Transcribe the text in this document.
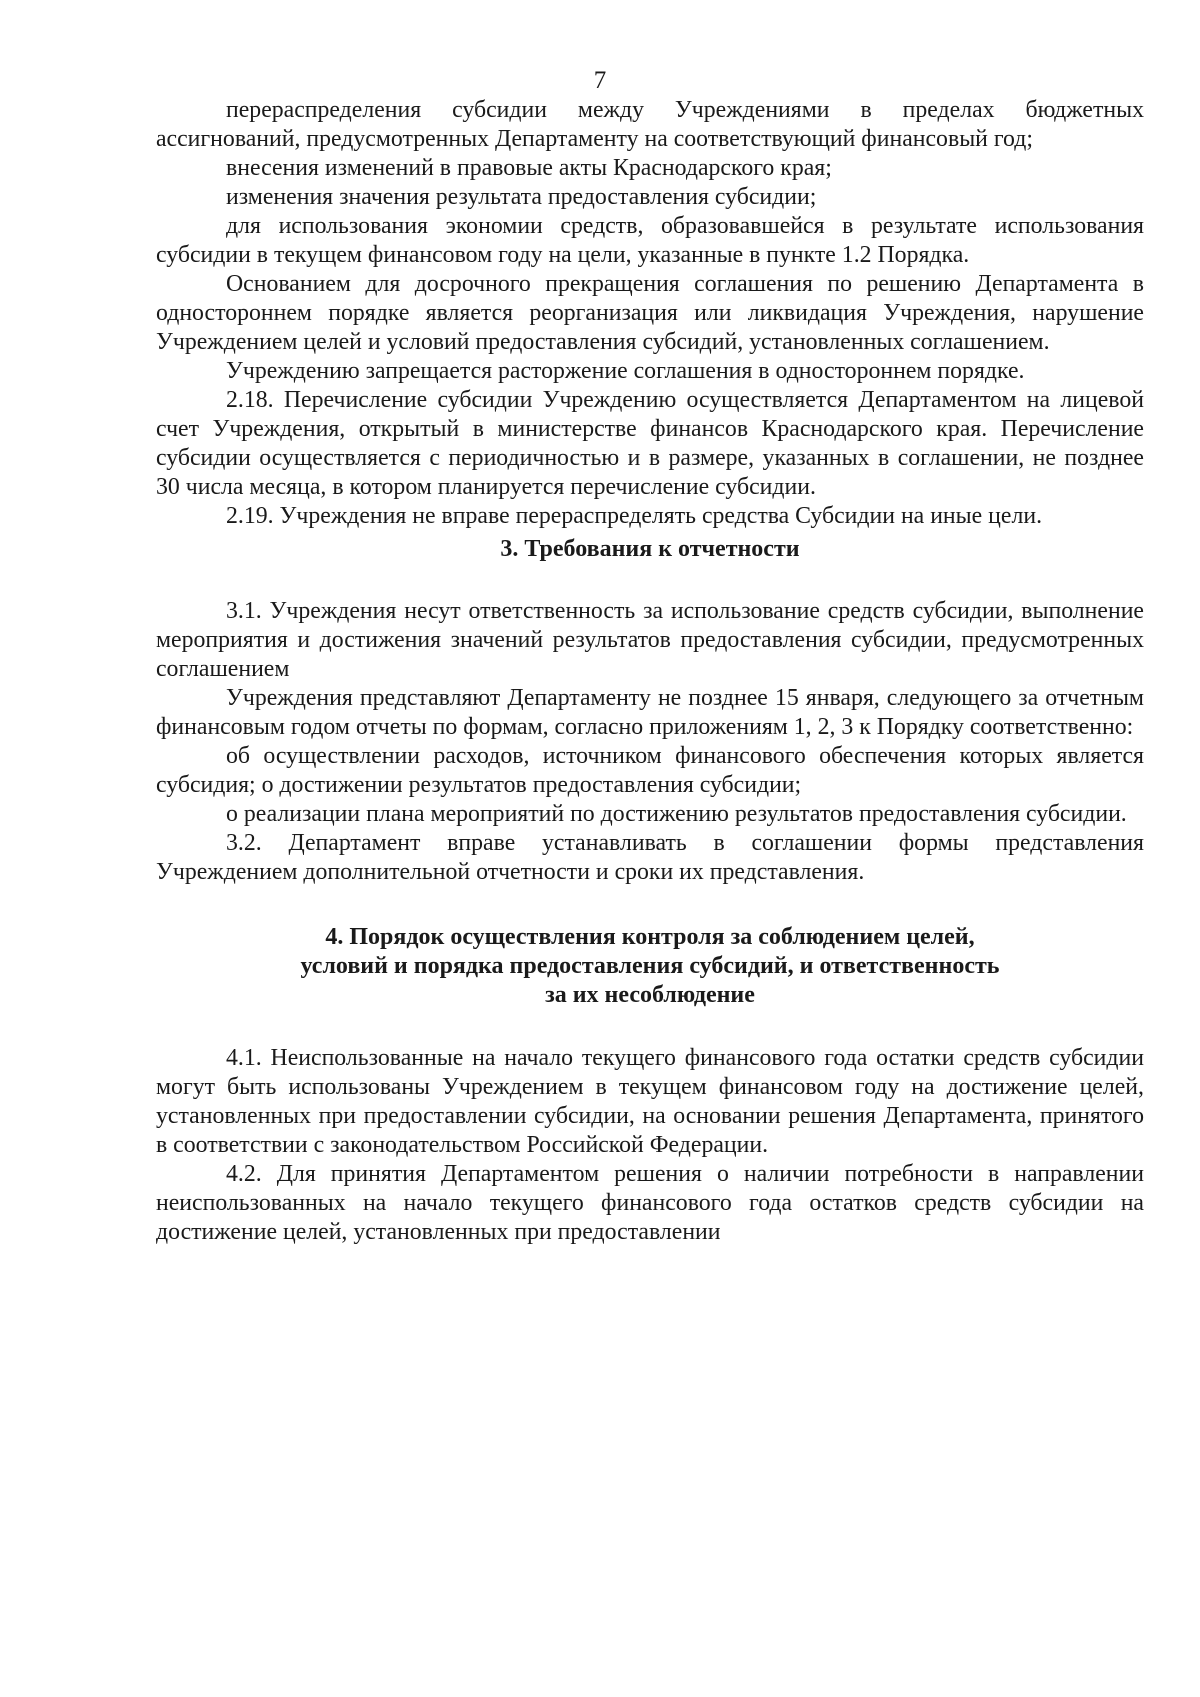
7

перераспределения субсидии между Учреждениями в пределах бюджетных ассигнований, предусмотренных Департаменту на соответствующий финансовый год;

внесения изменений в правовые акты Краснодарского края;

изменения значения результата предоставления субсидии;

для использования экономии средств, образовавшейся в результате использования субсидии в текущем финансовом году на цели, указанные в пункте 1.2 Порядка.

Основанием для досрочного прекращения соглашения по решению Департамента в одностороннем порядке является реорганизация или ликвидация Учреждения, нарушение Учреждением целей и условий предоставления субсидий, установленных соглашением.

Учреждению запрещается расторжение соглашения в одностороннем порядке.

2.18. Перечисление субсидии Учреждению осуществляется Департаментом на лицевой счет Учреждения, открытый в министерстве финансов Краснодарского края. Перечисление субсидии осуществляется с периодичностью и в размере, указанных в соглашении, не позднее 30 числа месяца, в котором планируется перечисление субсидии.

2.19. Учреждения не вправе перераспределять средства Субсидии на иные цели.

3. Требования к отчетности

3.1. Учреждения несут ответственность за использование средств субсидии, выполнение мероприятия и достижения значений результатов предоставления субсидии, предусмотренных соглашением

Учреждения представляют Департаменту не позднее 15 января, следующего за отчетным финансовым годом отчеты по формам, согласно приложениям 1, 2, 3 к Порядку соответственно:

об осуществлении расходов, источником финансового обеспечения которых является субсидия; о достижении результатов предоставления субсидии;

о реализации плана мероприятий по достижению результатов предоставления субсидии.

3.2. Департамент вправе устанавливать в соглашении формы представления Учреждением дополнительной отчетности и сроки их представления.

4. Порядок осуществления контроля за соблюдением целей,
условий и порядка предоставления субсидий, и ответственность
за их несоблюдение

4.1. Неиспользованные на начало текущего финансового года остатки средств субсидии могут быть использованы Учреждением в текущем финансовом году на достижение целей, установленных при предоставлении субсидии, на основании решения Департамента, принятого в соответствии с законодательством Российской Федерации.

4.2. Для принятия Департаментом решения о наличии потребности в направлении неиспользованных на начало текущего финансового года остатков средств субсидии на достижение целей, установленных при предоставлении
